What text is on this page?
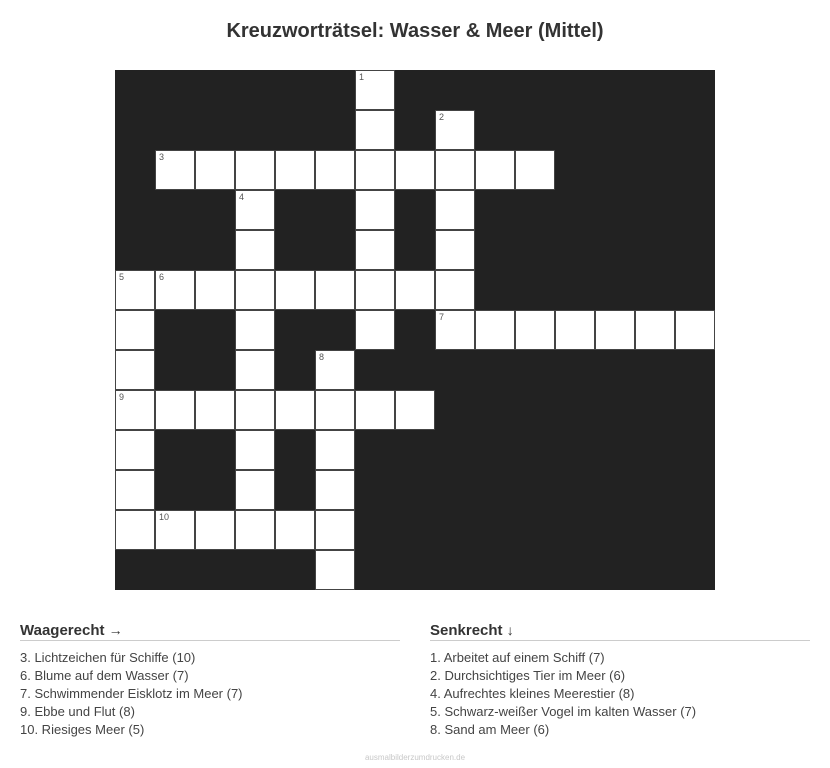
Kreuzworträtsel: Wasser & Meer (Mittel)
1
2
3
4
5	6
7
8
9
10
Waagerecht →
3. Lichtzeichen für Schiffe (10)
6. Blume auf dem Wasser (7)
7. Schwimmender Eisklotz im Meer (7)
9. Ebbe und Flut (8)
10. Riesiges Meer (5)
Senkrecht ↓
1. Arbeitet auf einem Schiff (7)
2. Durchsichtiges Tier im Meer (6)
4. Aufrechtes kleines Meerestier (8)
5. Schwarz-weißer Vogel im kalten Wasser (7)
8. Sand am Meer (6)
ausmalbilderzumdrucken.de
